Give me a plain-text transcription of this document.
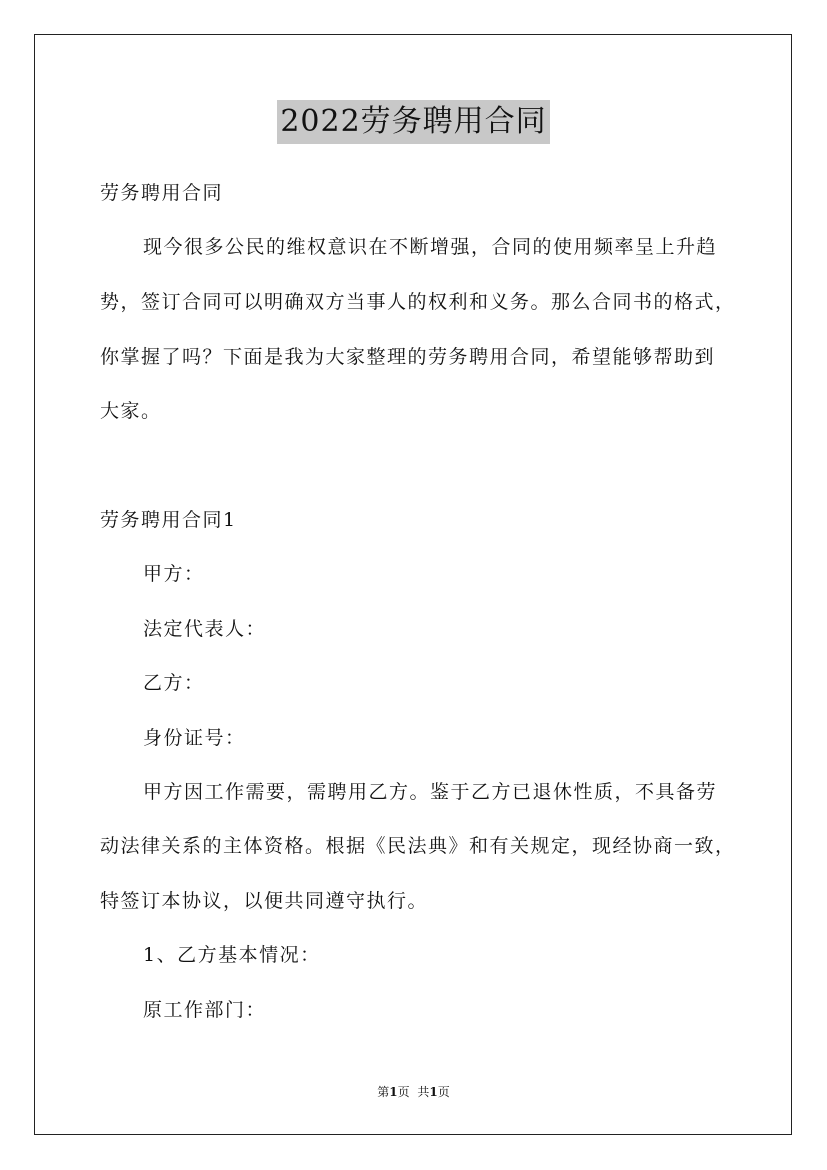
2022劳务聘用合同
劳务聘用合同
现今很多公民的维权意识在不断增强，合同的使用频率呈上升趋
势，签订合同可以明确双方当事人的权利和义务。那么合同书的格式，
你掌握了吗？下面是我为大家整理的劳务聘用合同，希望能够帮助到
大家。
劳务聘用合同1
甲方：
法定代表人：
乙方：
身份证号：
甲方因工作需要，需聘用乙方。鉴于乙方已退休性质，不具备劳
动法律关系的主体资格。根据《民法典》和有关规定，现经协商一致，
特签订本协议，以便共同遵守执行。
1、乙方基本情况：
原工作部门：
第1页 共1页
